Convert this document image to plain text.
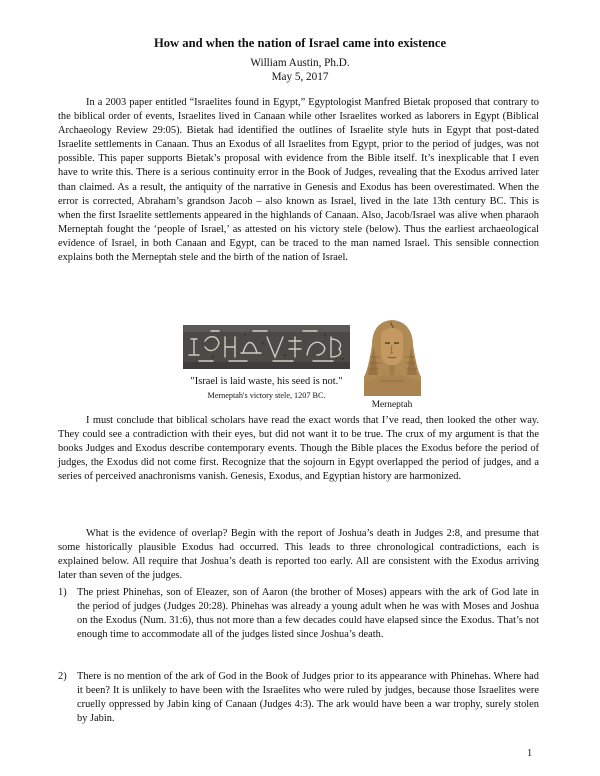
How and when the nation of Israel came into existence
William Austin, Ph.D.
May 5, 2017

In a 2003 paper entitled “Israelites found in Egypt,” Egyptologist Manfred Bietak proposed that contrary to the biblical order of events, Israelites lived in Canaan while other Israelites worked as laborers in Egypt (Biblical Archaeology Review 29:05). Bietak had identified the outlines of Israelite style huts in Egypt that post-dated Israelite settlements in Canaan. Thus an Exodus of all Israelites from Egypt, prior to the period of judges, was not possible. This paper supports Bietak’s proposal with evidence from the Bible itself. It’s inexplicable that I even have to write this. There is a serious continuity error in the Book of Judges, revealing that the Exodus arrived later than claimed. As a result, the antiquity of the narrative in Genesis and Exodus has been overestimated. When the error is corrected, Abraham’s grandson Jacob – also known as Israel, lived in the late 13th century BC. This is when the first Israelite settlements appeared in the highlands of Canaan. Also, Jacob/Israel was alive when pharaoh Merneptah fought the ‘people of Israel,’ as attested on his victory stele (below). Thus the earliest archaeological evidence of Israel, in both Canaan and Egypt, can be traced to the man named Israel. This sensible connection explains both the Merneptah stele and the birth of the nation of Israel.

"Israel is laid waste, his seed is not."
Merneptah's victory stele, 1207 BC.
Merneptah

I must conclude that biblical scholars have read the exact words that I’ve read, then looked the other way. They could see a contradiction with their eyes, but did not want it to be true. The crux of my argument is that the books Judges and Exodus describe contemporary events. Though the Bible places the Exodus before the period of judges, the Exodus did not come first. Recognize that the sojourn in Egypt overlapped the period of judges, and a series of perceived anachronisms vanish. Genesis, Exodus, and Egyptian history are harmonized.

What is the evidence of overlap? Begin with the report of Joshua’s death in Judges 2:8, and presume that some historically plausible Exodus had occurred. This leads to three chronological contradictions, each is explained below. All require that Joshua’s death is reported too early. All are consistent with the Exodus arriving later than seven of the judges.

1) The priest Phinehas, son of Eleazer, son of Aaron (the brother of Moses) appears with the ark of God late in the period of judges (Judges 20:28). Phinehas was already a young adult when he was with Moses and Joshua on the Exodus (Num. 31:6), thus not more than a few decades could have elapsed since the Exodus. That’s not enough time to accommodate all of the judges listed since Joshua’s death.

2) There is no mention of the ark of God in the Book of Judges prior to its appearance with Phinehas. Where had it been? It is unlikely to have been with the Israelites who were ruled by judges, because those Israelites were cruelly oppressed by Jabin king of Canaan (Judges 4:3). The ark would have been a war trophy, surely stolen by Jabin.

1
